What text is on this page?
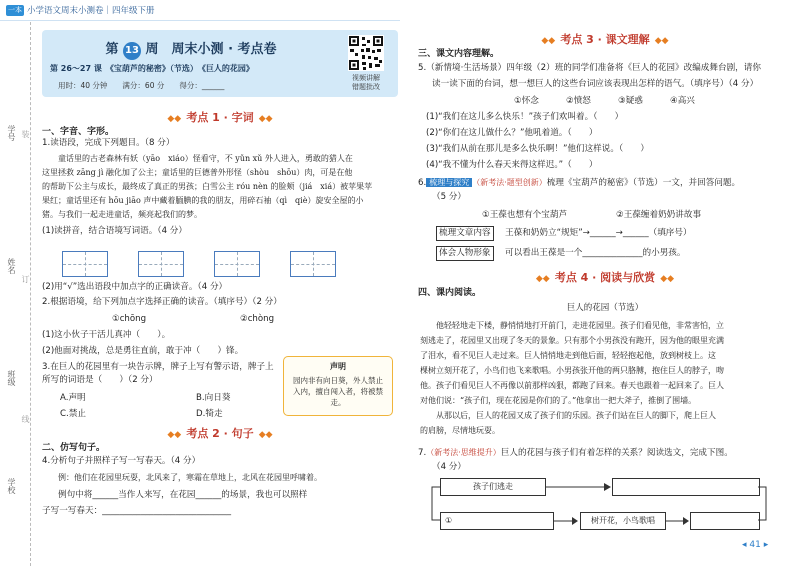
一本 小学语文周末小测卷｜四年级下册
学号
姓名
班级
学校
装
订
线
第 13 周　 周末小测 · 考点卷
第 26～27 课　《宝葫芦的秘密》（节选）　《巨人的花园》
用时：40 分钟　　满分：60 分　　得分：______
视频讲解
错题批改
◆◆ 考点 1 · 字词 ◆◆
一、字音、字形。
1.读语段，完成下列题目。（8 分）
　　童话里的古老森林有妖（yāo　xiáo）怪看守，不 yǔn xǔ 外人进入，勇敢的猎人在
这里拯救 zāng jì 融化加了公主；童话里的巨德普外形怪（shòu　shōu）肉，可是在他
的帮助下公主与成长，最终成了真正的男孩；白雪公主 róu nèn 的脸颊（jiá　xiá）被苹果苹
果红；童话里还有 hōu jiāo 声中藏着腼腆的我的朋友，用碎石袖（qì　qiè）旋安全屋的小
猪。与我们一起走进童话，频亮起我们的梦。
(1)读拼音，结合语境写词语。（4 分）
(2)用“√”选出语段中加点字的正确读音。（4 分）
2.根据语境，给下列加点字选择正确的读音。（填序号）（2 分）
①chōng	②chòng
(1)这小伙子干活儿真冲（　　）。
(2)他面对挑战，总是勇往直前，敢于冲（　　）锋。
3.在巨人的花园里有一块告示牌，牌子上写有警示语，牌子上所写的词语是（　　）（2 分）
A.声明	B.向日葵
C.禁止	D.犄走
声明
园内非有向日葵，外人禁止入内，擅自闯入者，将被禁走。
◆◆ 考点 2 · 句子 ◆◆
二、仿写句子。
4.分析句子并照样子写一写春天。（4 分）
例：他们在花园里玩耍，北风来了，寒霜在草地上，北风在花园里呼啸着。
例句中将______当作人来写，在花园______的场景，我也可以照样
子写一写春天：______________________________
◆◆ 考点 3 · 课文理解 ◆◆
三、课文内容理解。
5.（新情境·生活场景）四年级（2）班的同学们准备将《巨人的花园》改编成舞台剧，请你
读一读下面的台词，想一想巨人的这些台词应该表现出怎样的语气。（填序号）（4 分）
①怀念	②愤怒	③疑惑	④高兴
(1)“我们在这儿多么快乐！”孩子们欢叫着。（　　）
(2)“你们在这儿做什么？”他吼着道。（　　）
(3)“我们从前在那儿是多么快乐啊！”他们这样说。（　　）
(4)“我不懂为什么春天来得这样迟。”（　　）
6. 梳理与探究 （新考法·题型创新）梳理《宝葫芦的秘密》（节选）一文，并回答问题。
（5 分）
①王葆也想有个宝葫芦	②王葆缠着奶奶讲故事
梳理文章内容	王葆和奶奶立“规矩”→______→______（填序号）
体会人物形象	可以看出王葆是一个______________的小男孩。
◆◆ 考点 4 · 阅读与欣赏 ◆◆
四、课内阅读。
巨人的花园（节选）
　　他轻轻地走下楼，静悄悄地打开前门，走进花园里。孩子们看见他，非常害怕，立
刻逃走了，花园里又出现了冬天的景象。只有那个小男孩没有跑开，因为他的眼里充满
了泪水，看不见巨人走过来。巨人悄悄地走到他后面，轻轻抱起他，放到树枝上。这
棵树立刻开花了，小鸟们也飞来歌唱。小男孩张开他的两只胳膊，抱住巨人的脖子，吻
他。孩子们看见巨人不再像以前那样凶狠，都跑了回来。春天也跟着一起回来了。巨人
对他们说：“孩子们，现在花园是你们的了。”他拿出一把大斧子，推倒了围墙。
　　从那以后，巨人的花园又成了孩子们的乐园。孩子们站在巨人的脚下，爬上巨人
的肩膀，尽情地玩耍。
7.（新考法·思维提升）巨人的花园与孩子们有着怎样的关系？阅读选文，完成下图。
（4 分）
孩子们逃走
①	树开花，小鸟歌唱
◂ 41 ▸
